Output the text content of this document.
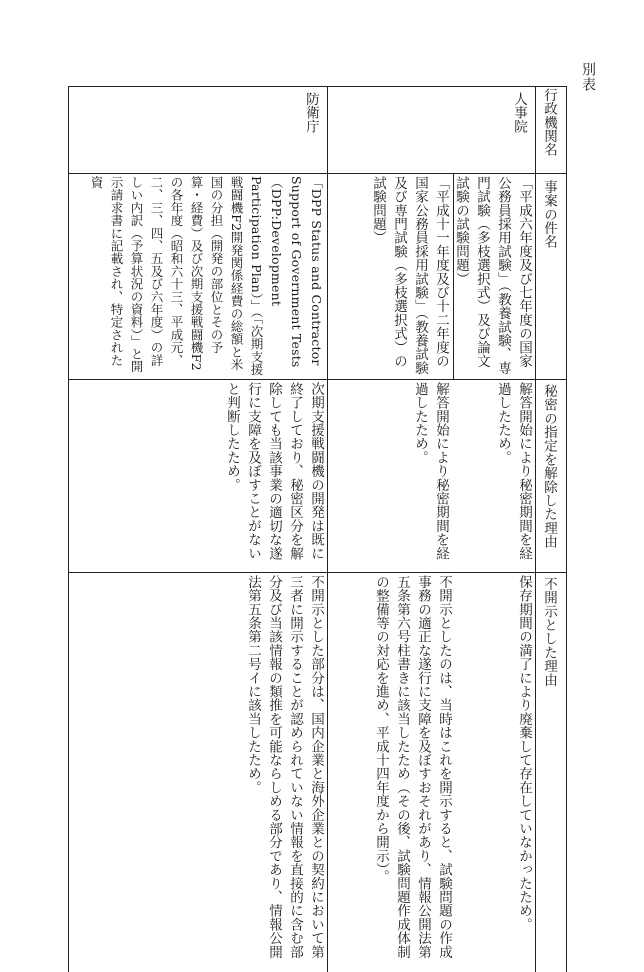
別表
行政機関名
事案の件名
秘密の指定を解除した理由
不開示とした理由
人事院
「平成六年度及び七年度の国家公務員採用試験」（教養試験、専門試験（多枝選択式）及び論文試験の試験問題）
解答開始により秘密期間を経過したため。
保存期間の満了により廃棄して存在していなかったため。
「平成十一年度及び十二年度の国家公務員採用試験」（教養試験及び専門試験（多枝選択式）の試験問題）
解答開始により秘密期間を経過したため。
不開示としたのは、当時はこれを開示すると、試験問題の作成事務の適正な遂行に支障を及ぼすおそれがあり、情報公開法第五条第六号柱書きに該当したため（その後、試験問題作成体制の整備等の対応を進め、平成十四年度から開示）。
防衛庁
「DPP Status and Contractor Support of Government Tests（DPP:Development Participation Plan）」（「次期支援戦闘機F2開発関係経費の総額と米国の分担（開発の部位とその予算・経費）及び次期支援戦闘機F2の各年度（昭和六十三、平成元、二、三、四、五及び六年度）の詳しい内訳（予算状況の資料）」と開示請求書に記載され、特定された資
次期支援戦闘機の開発は既に終了しており、秘密区分を解除しても当該事業の適切な遂行に支障を及ぼすことがないと判断したため。
不開示とした部分は、国内企業と海外企業との契約において第三者に開示することが認められていない情報を直接的に含む部分及び当該情報の類推を可能ならしめる部分であり、情報公開法第五条第二号イに該当したため。
